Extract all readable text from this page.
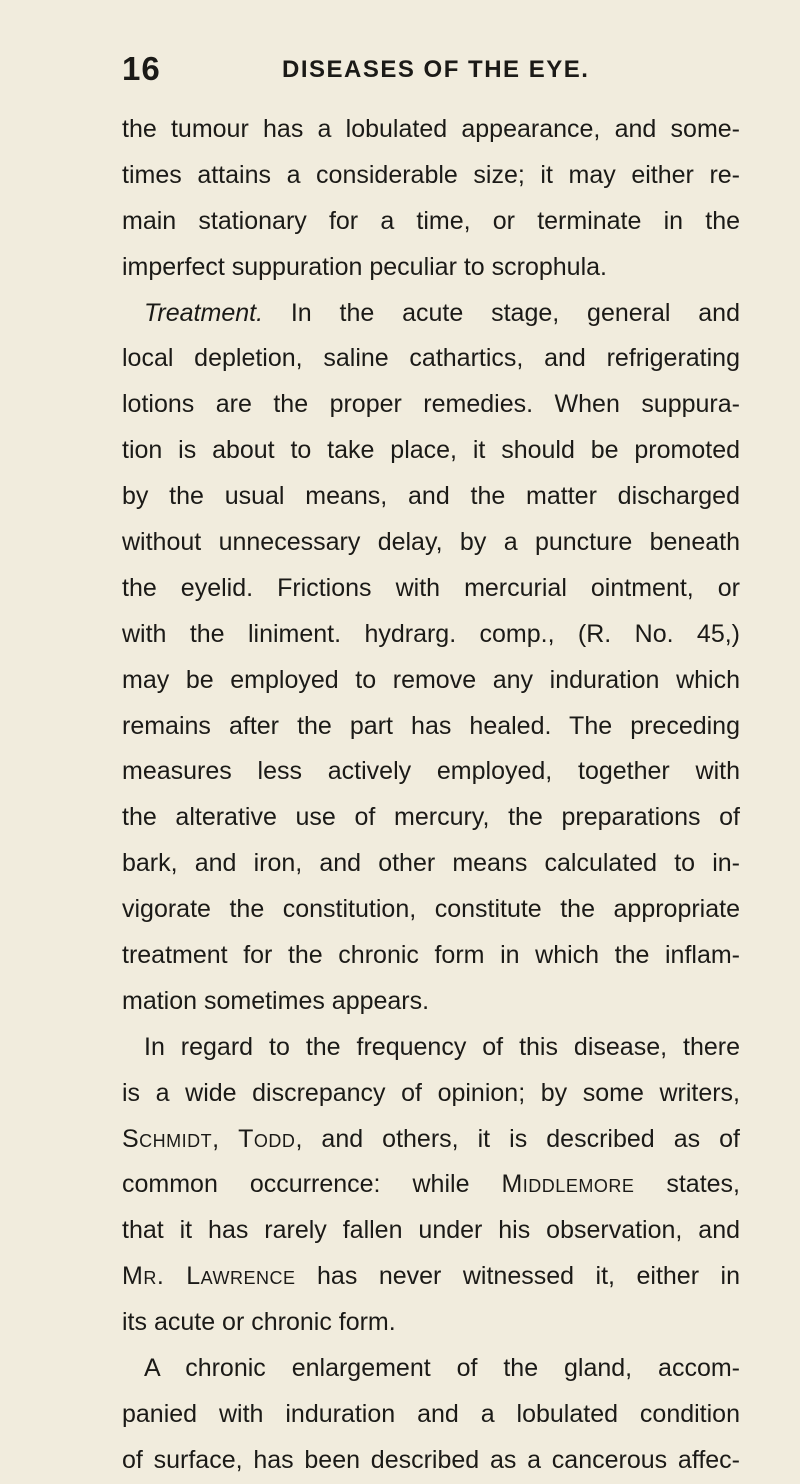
16	DISEASES OF THE EYE.
the tumour has a lobulated appearance, and some-
times attains a considerable size; it may either re-
main stationary for a time, or terminate in the
imperfect suppuration peculiar to scrophula.
Treatment. In the acute stage, general and
local depletion, saline cathartics, and refrigerating
lotions are the proper remedies. When suppura-
tion is about to take place, it should be promoted
by the usual means, and the matter discharged
without unnecessary delay, by a puncture beneath
the eyelid. Frictions with mercurial ointment, or
with the liniment. hydrarg. comp., (R. No. 45,)
may be employed to remove any induration which
remains after the part has healed. The preceding
measures less actively employed, together with
the alterative use of mercury, the preparations of
bark, and iron, and other means calculated to in-
vigorate the constitution, constitute the appropriate
treatment for the chronic form in which the inflam-
mation sometimes appears.
In regard to the frequency of this disease, there
is a wide discrepancy of opinion; by some writers,
Schmidt, Todd, and others, it is described as of
common occurrence: while Middlemore states,
that it has rarely fallen under his observation, and
Mr. Lawrence has never witnessed it, either in
its acute or chronic form.
A chronic enlargement of the gland, accom-
panied with induration and a lobulated condition
of surface, has been described as a cancerous affec-
